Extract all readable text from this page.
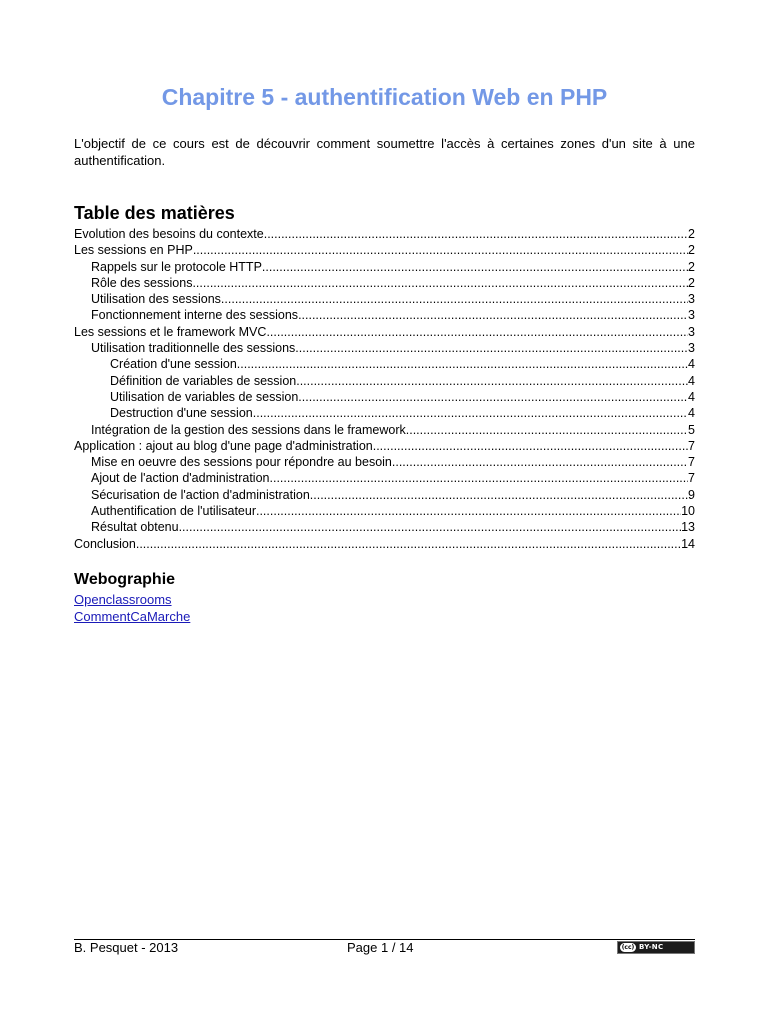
Chapitre 5 - authentification Web en PHP

L'objectif de ce cours est de découvrir comment soumettre l'accès à certaines zones d'un site à une authentification.

Table des matières
Evolution des besoins du contexte .....	2
Les sessions en PHP .....	2
Rappels sur le protocole HTTP .....	2
Rôle des sessions .....	2
Utilisation des sessions .....	3
Fonctionnement interne des sessions .....	3
Les sessions et le framework MVC .....	3
Utilisation traditionnelle des sessions .....	3
Création d'une session .....	4
Définition de variables de session .....	4
Utilisation de variables de session .....	4
Destruction d'une session .....	4
Intégration de la gestion des sessions dans le framework .....	5
Application : ajout au blog d'une page d'administration .....	7
Mise en oeuvre des sessions pour répondre au besoin .....	7
Ajout de l'action d'administration .....	7
Sécurisation de l'action d'administration .....	9
Authentification de l'utilisateur .....	10
Résultat obtenu .....	13
Conclusion .....	14
Webographie
Openclassrooms
CommentCaMarche
B. Pesquet - 2013	Page 1 / 14	(cc) BY-NC
